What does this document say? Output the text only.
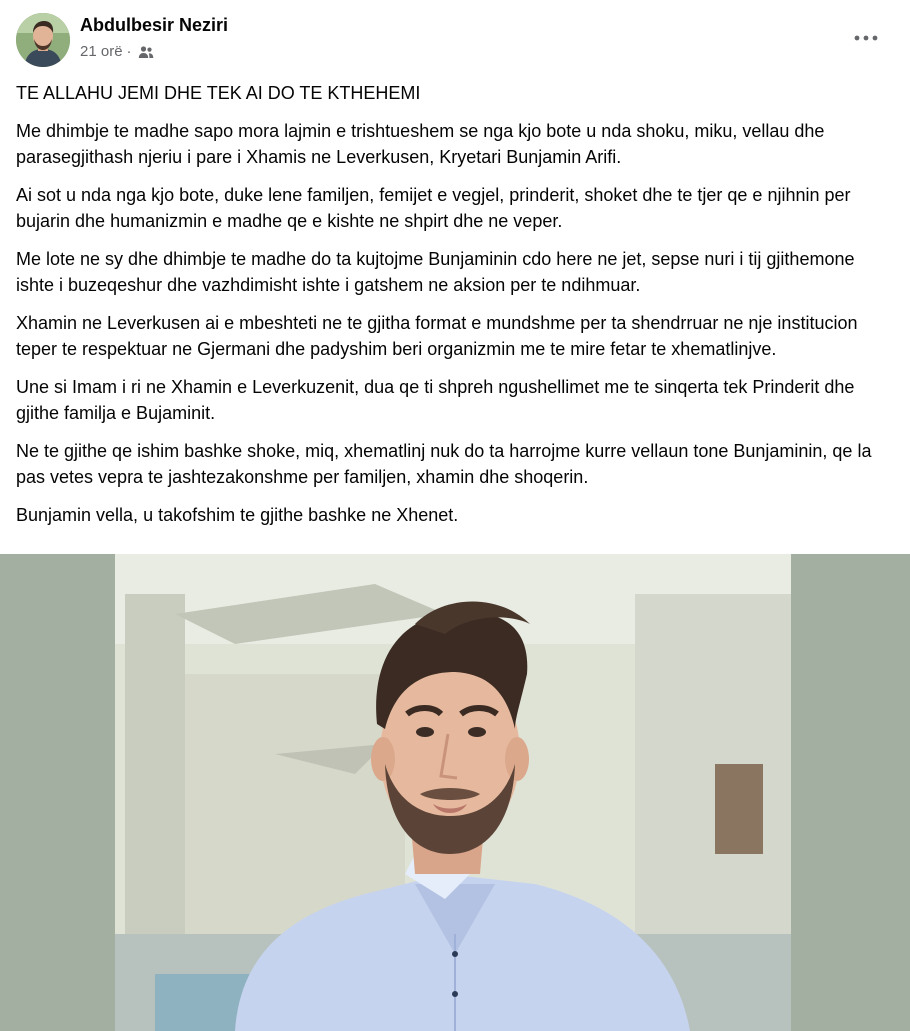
Abdulbesir Neziri
21 orë ·

TE ALLAHU JEMI DHE TEK AI DO TE KTHEHEMI

Me dhimbje te madhe sapo mora lajmin e trishtueshem se nga kjo bote u nda shoku, miku, vellau dhe parasegjithash njeriu i pare i Xhamis ne Leverkusen, Kryetari Bunjamin Arifi.

Ai sot u nda nga kjo bote, duke lene familjen, femijet e vegjel, prinderit, shoket dhe te tjer qe e njihnin per bujarin dhe humanizmin e madhe qe e kishte ne shpirt dhe ne veper.

Me lote ne sy dhe dhimbje te madhe do ta kujtojme Bunjaminin cdo here ne jet, sepse nuri i tij gjithemone ishte i buzeqeshur dhe vazhdimisht ishte i gatshem ne aksion per te ndihmuar.

Xhamin ne Leverkusen ai e mbeshteti ne te gjitha format e mundshme per ta shendrruar ne nje institucion teper te respektuar ne Gjermani dhe padyshim beri organizmin me te mire fetar te xhematlinjve.

Une si Imam i ri ne Xhamin e Leverkuzenit, dua qe ti shpreh ngushellimet me te sinqerta tek Prinderit dhe gjithe familja e Bujaminit.

Ne te gjithe qe ishim bashke shoke, miq, xhematlinj nuk do ta harrojme kurre vellaun tone Bunjaminin, qe la pas vetes vepra te jashtezakonshme per familjen, xhamin dhe shoqerin.

Bunjamin vella, u takofshim te gjithe bashke ne Xhenet.
